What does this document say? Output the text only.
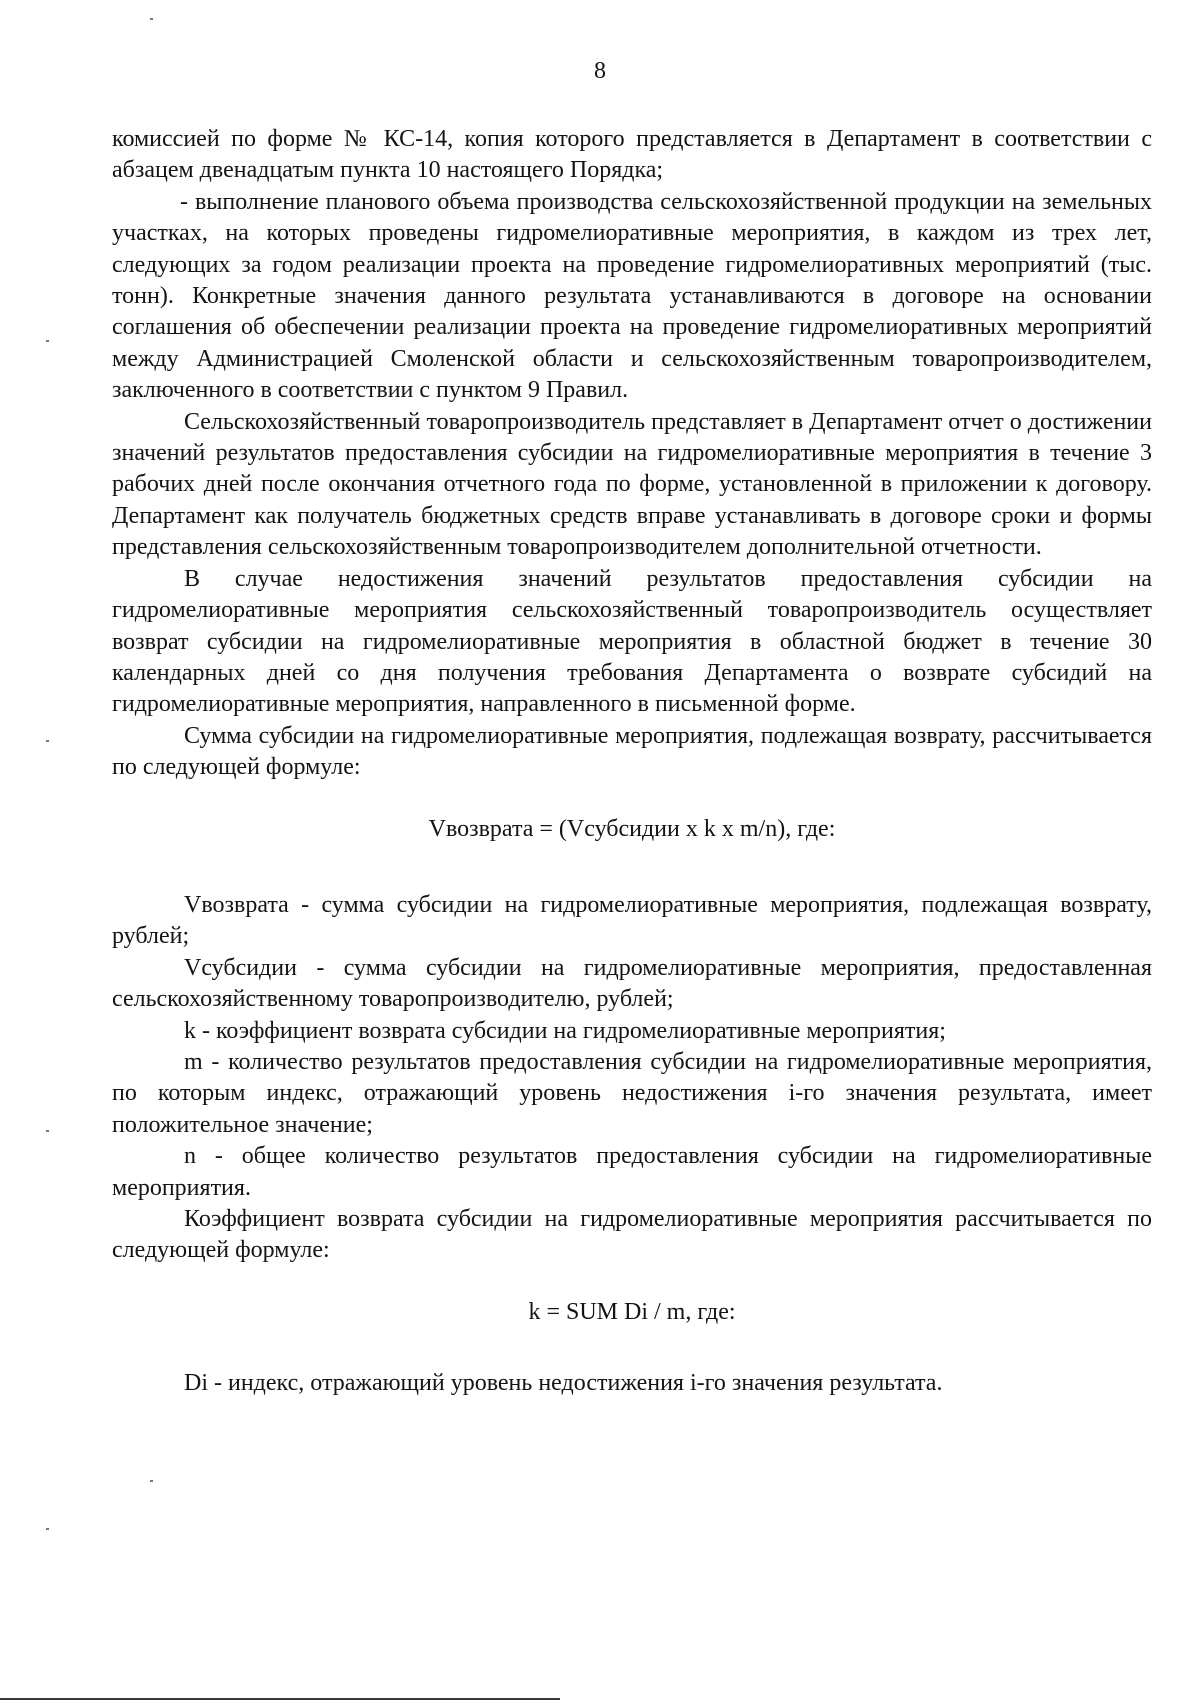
8

комиссией по форме № КС-14, копия которого представляется в Департамент в соответствии с абзацем двенадцатым пункта 10 настоящего Порядка;

- выполнение планового объема производства сельскохозяйственной продукции на земельных участках, на которых проведены гидромелиоративные мероприятия, в каждом из трех лет, следующих за годом реализации проекта на проведение гидромелиоративных мероприятий (тыс. тонн). Конкретные значения данного результата устанавливаются в договоре на основании соглашения об обеспечении реализации проекта на проведение гидромелиоративных мероприятий между Администрацией Смоленской области и сельскохозяйственным товаропроизводителем, заключенного в соответствии с пунктом 9 Правил.

Сельскохозяйственный товаропроизводитель представляет в Департамент отчет о достижении значений результатов предоставления субсидии на гидромелиоративные мероприятия в течение 3 рабочих дней после окончания отчетного года по форме, установленной в приложении к договору. Департамент как получатель бюджетных средств вправе устанавливать в договоре сроки и формы представления сельскохозяйственным товаропроизводителем дополнительной отчетности.

В случае недостижения значений результатов предоставления субсидии на гидромелиоративные мероприятия сельскохозяйственный товаропроизводитель осуществляет возврат субсидии на гидромелиоративные мероприятия в областной бюджет в течение 30 календарных дней со дня получения требования Департамента о возврате субсидий на гидромелиоративные мероприятия, направленного в письменной форме.

Сумма субсидии на гидромелиоративные мероприятия, подлежащая возврату, рассчитывается по следующей формуле:

Vвозврата = (Vсубсидии x k x m/n), где:

Vвозврата - сумма субсидии на гидромелиоративные мероприятия, подлежащая возврату, рублей;

Vсубсидии - сумма субсидии на гидромелиоративные мероприятия, предоставленная сельскохозяйственному товаропроизводителю, рублей;

k - коэффициент возврата субсидии на гидромелиоративные мероприятия;

m - количество результатов предоставления субсидии на гидромелиоративные мероприятия, по которым индекс, отражающий уровень недостижения i-го значения результата, имеет положительное значение;

n - общее количество результатов предоставления субсидии на гидромелиоративные мероприятия.

Коэффициент возврата субсидии на гидромелиоративные мероприятия рассчитывается по следующей формуле:

k = SUM Di / m, где:

Di - индекс, отражающий уровень недостижения i-го значения результата.
